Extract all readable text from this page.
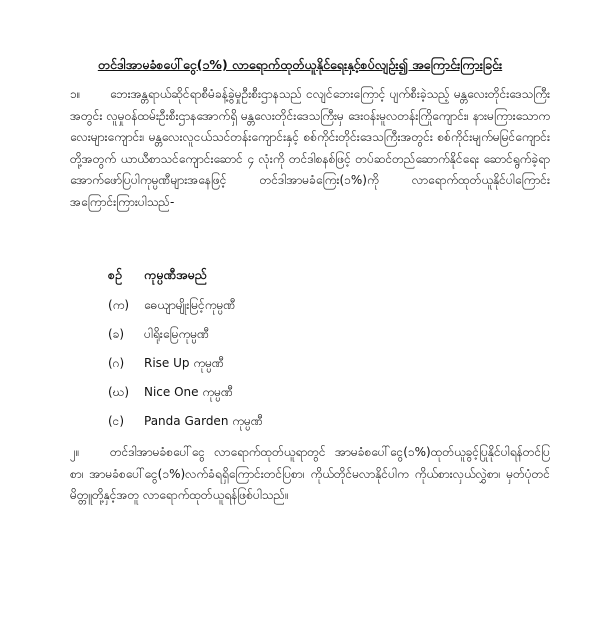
တင်ဒါအာမခံစပေါ်ငွေ(၁%) လာရောက်ထုတ်ယူနိုင်ရေးနှင့်စပ်လျဉ်း၍ အကြောင်းကြားခြင်း
၁။ ဘေးအန္တရာယ်ဆိုင်ရာစီမံခန့်ခွဲမှုဦးစီးဌာနသည် ငလျင်ဘေးကြောင့် ပျက်စီးခဲ့သည့် မန္တလေးတိုင်းဒေသကြီးအတွင်း လူမှုဝန်ထမ်းဦးစီးဌာနအောက်ရှိ မန္တလေးတိုင်းဒေသကြီးမှ ဒေးဝန်းမူလတန်းကြိုကျောင်း၊ နားမကြားသောကလေးများကျောင်း၊ မန္တလေးလူငယ်သင်တန်းကျောင်းနှင့် စစ်ကိုင်းတိုင်းဒေသကြီးအတွင်း စစ်ကိုင်းမျက်မမြင်ကျောင်းတို့အတွက် ယာယီစာသင်ကျောင်းဆောင် ၄ လုံးကို တင်ဒါစနစ်ဖြင့် တပ်ဆင်တည်ဆောက်နိုင်ရေး ဆောင်ရွက်ခဲ့ရာ အောက်ဖော်ပြပါကုမ္ပဏီများအနေဖြင့် တင်ဒါအာမခံကြေး(၁%)ကို လာရောက်ထုတ်ယူနိုင်ပါကြောင်း အကြောင်းကြားပါသည်-
စဉ် ကုမ္ပဏီအမည်
(က) ဓေယျာမျိုးမြင့်ကုမ္ပဏီ
(ခ) ပါရိုးမြေကုမ္ပဏီ
(ဂ) Rise Up ကုမ္ပဏီ
(ဃ) Nice One ကုမ္ပဏီ
(င) Panda Garden ကုမ္ပဏီ
၂။	တင်ဒါအာမခံစပေါ်ငွေ လာရောက်ထုတ်ယူရာတွင် အာမခံစပေါ်ငွေ(၁%)ထုတ်ယူခွင့်ပြုနိုင်ပါရန်တင်ပြစာ၊ အာမခံစပေါ်ငွေ(၁%)လက်ခံရရှိကြောင်းတင်ပြစာ၊ ကိုယ်တိုင်မလာနိုင်ပါက ကိုယ်စားလှယ်လွှဲစာ၊ မှတ်ပုံတင်မိတ္တူတို့နှင့်အတူ လာရောက်ထုတ်ယူရန်ဖြစ်ပါသည်။
